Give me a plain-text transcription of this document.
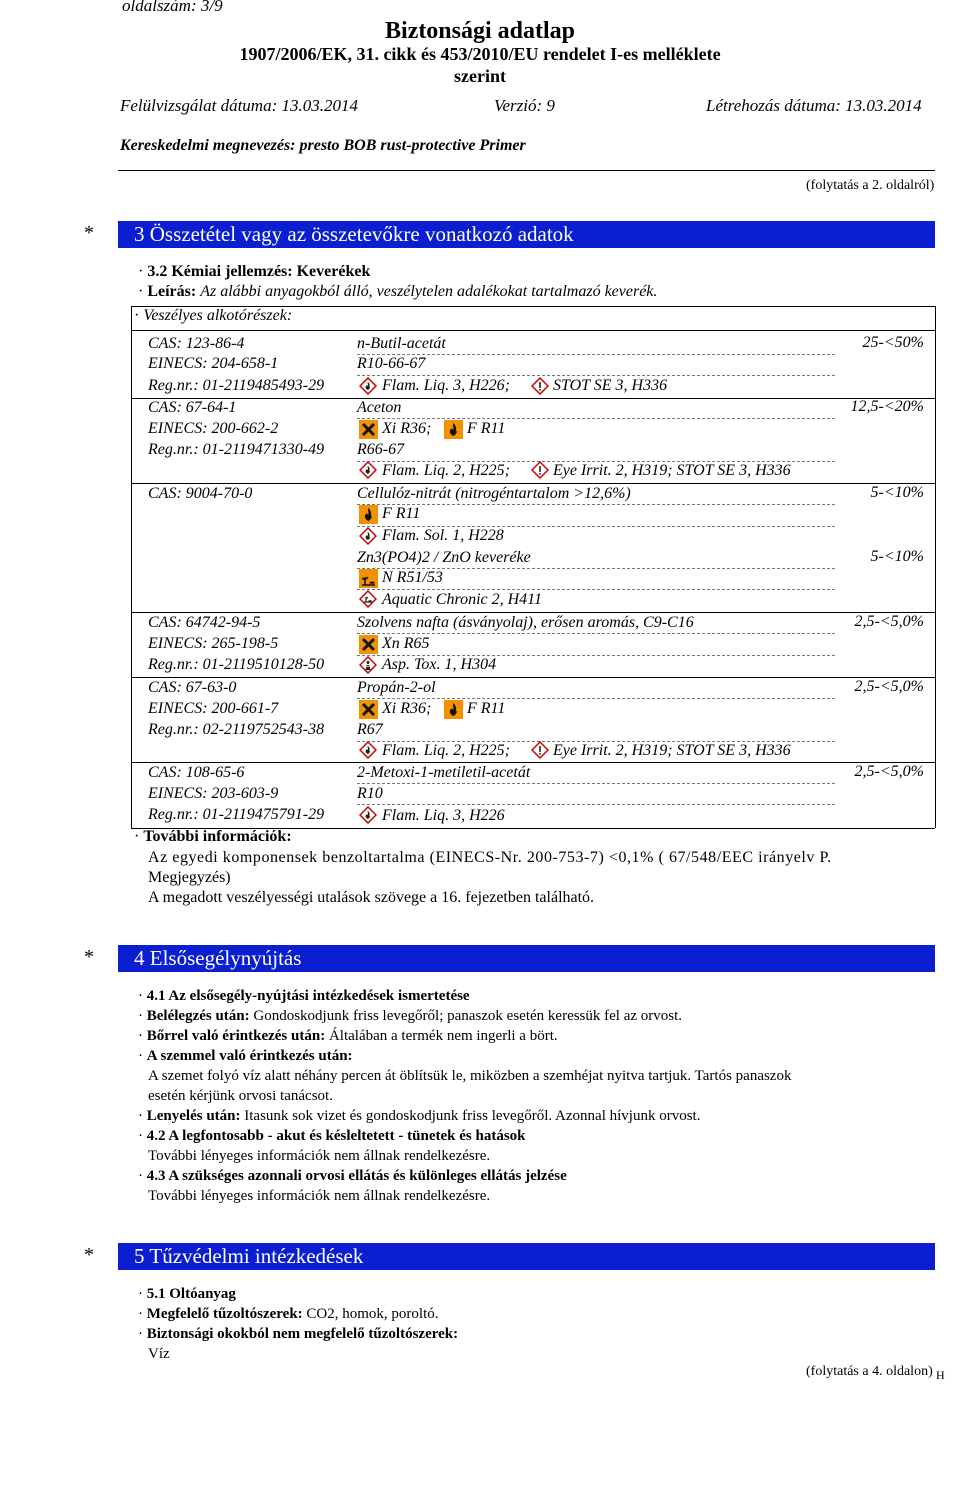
oldalszám: 3/9
Biztonsági adatlap
1907/2006/EK, 31. cikk és 453/2010/EU rendelet I-es melléklete
szerint
Felülvizsgálat dátuma: 13.03.2014	Verzió: 9	Létrehozás dátuma: 13.03.2014
Kereskedelmi megnevezés: presto BOB rust-protective Primer
(folytatás a 2. oldalról)
* 3 Összetétel vagy az összetevőkre vonatkozó adatok
· 3.2 Kémiai jellemzés: Keverékek
· Leírás: Az alábbi anyagokból álló, veszélytelen adalékokat tartalmazó keverék.
· Veszélyes alkotórészek:
CAS: 123-86-4
EINECS: 204-658-1
Reg.nr.: 01-2119485493-29
n-Butil-acetát
R10-66-67
Flam. Liq. 3, H226;	STOT SE 3, H336
25-<50%
CAS: 67-64-1
EINECS: 200-662-2
Reg.nr.: 01-2119471330-49
Aceton
Xi R36; F R11
R66-67
Flam. Liq. 2, H225;	Eye Irrit. 2, H319; STOT SE 3, H336
12,5-<20%
CAS: 9004-70-0	Cellulóz-nitrát (nitrogéntartalom >12,6%)
F R11
Flam. Sol. 1, H228
5-<10%
Zn3(PO4)2 / ZnO keveréke
N R51/53
Aquatic Chronic 2, H411
5-<10%
CAS: 64742-94-5
EINECS: 265-198-5
Reg.nr.: 01-2119510128-50
Szolvens nafta (ásványolaj), erősen aromás, C9-C16
Xn R65
Asp. Tox. 1, H304
2,5-<5,0%
CAS: 67-63-0
EINECS: 200-661-7
Reg.nr.: 02-2119752543-38
Propán-2-ol
Xi R36; F R11
R67
Flam. Liq. 2, H225;	Eye Irrit. 2, H319; STOT SE 3, H336
2,5-<5,0%
CAS: 108-65-6
EINECS: 203-603-9
Reg.nr.: 01-2119475791-29
2-Metoxi-1-metiletil-acetát
R10
Flam. Liq. 3, H226
2,5-<5,0%
· További információk:
Az egyedi komponensek benzoltartalma (EINECS-Nr. 200-753-7) <0,1% ( 67/548/EEC irányelv P.
Megjegyzés)
A megadott veszélyességi utalások szövege a 16. fejezetben található.
* 4 Elsősegélynyújtás
· 4.1 Az elsősegély-nyújtási intézkedések ismertetése
· Belélegzés után: Gondoskodjunk friss levegőről; panaszok esetén keressük fel az orvost.
· Bőrrel való érintkezés után: Általában a termék nem ingerli a bört.
· A szemmel való érintkezés után:
A szemet folyó víz alatt néhány percen át öblítsük le, miközben a szemhéjat nyitva tartjuk. Tartós panaszok
esetén kérjünk orvosi tanácsot.
· Lenyelés után: Itasunk sok vizet és gondoskodjunk friss levegőről. Azonnal hívjunk orvost.
· 4.2 A legfontosabb - akut és késleltetett - tünetek és hatások
További lényeges információk nem állnak rendelkezésre.
· 4.3 A szükséges azonnali orvosi ellátás és különleges ellátás jelzése
További lényeges információk nem állnak rendelkezésre.
* 5 Tűzvédelmi intézkedések
· 5.1 Oltóanyag
· Megfelelő tűzoltószerek: CO2, homok, poroltó.
· Biztonsági okokból nem megfelelő tűzoltószerek:
Víz
(folytatás a 4. oldalon) H
